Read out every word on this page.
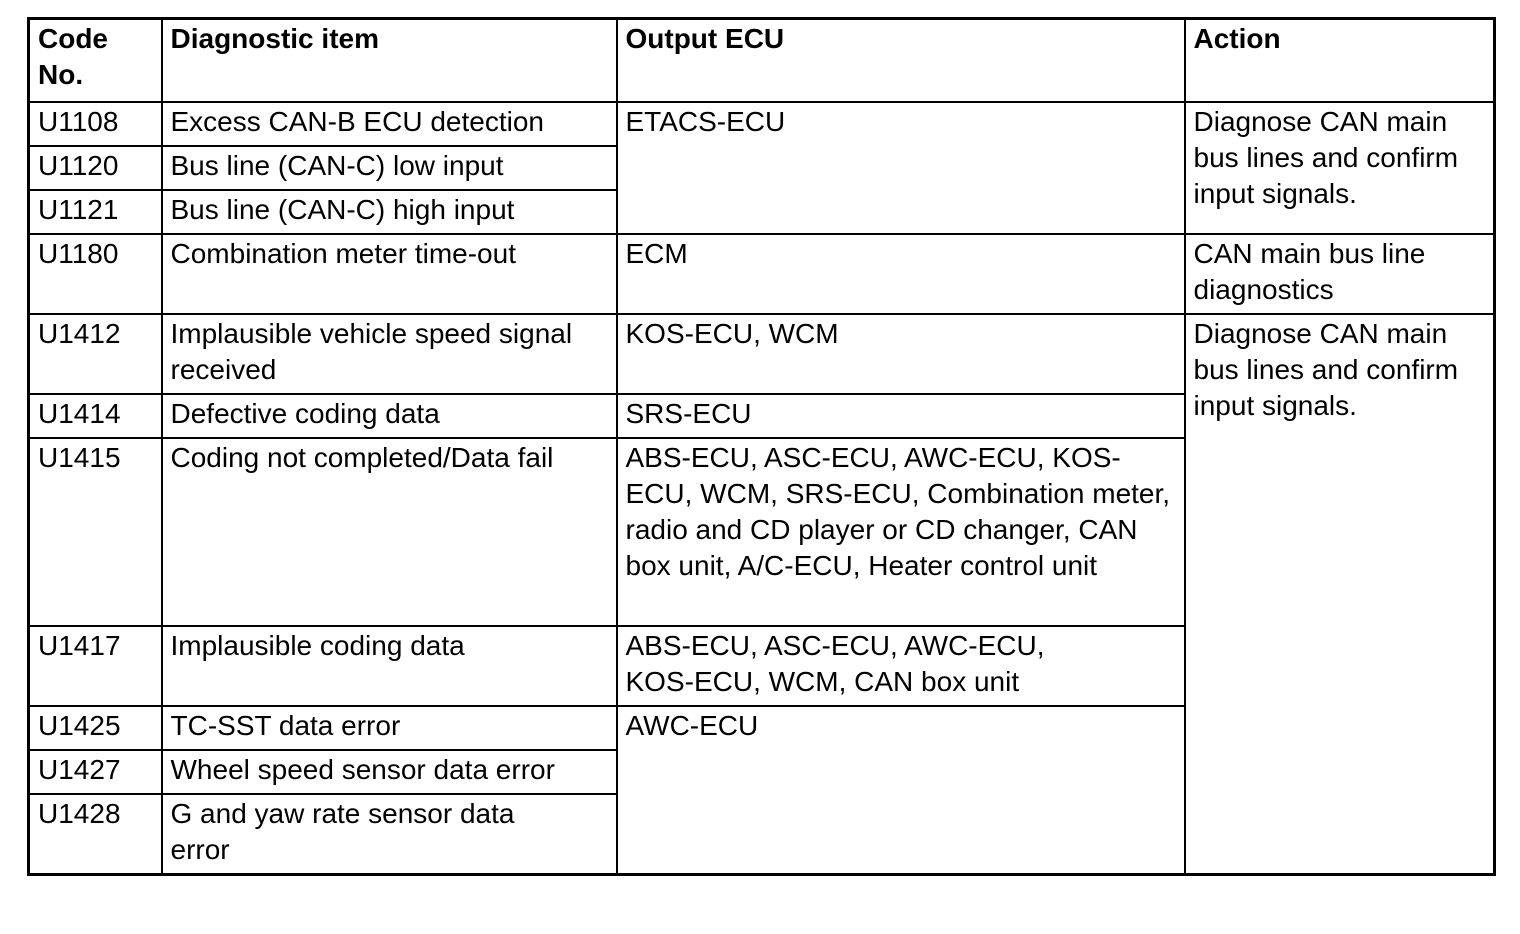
Code No.	Diagnostic item	Output ECU	Action
U1108	Excess CAN-B ECU detection	ETACS-ECU	Diagnose CAN main bus lines and confirm input signals.
U1120	Bus line (CAN-C) low input		
U1121	Bus line (CAN-C) high input		
U1180	Combination meter time-out	ECM	CAN main bus line diagnostics
U1412	Implausible vehicle speed signal received	KOS-ECU, WCM	Diagnose CAN main bus lines and confirm input signals.
U1414	Defective coding data	SRS-ECU	
U1415	Coding not completed/Data fail	ABS-ECU, ASC-ECU, AWC-ECU, KOS-ECU, WCM, SRS-ECU, Combination meter, radio and CD player or CD changer, CAN box unit, A/C-ECU, Heater control unit	
U1417	Implausible coding data	ABS-ECU, ASC-ECU, AWC-ECU, KOS-ECU, WCM, CAN box unit	
U1425	TC-SST data error	AWC-ECU	
U1427	Wheel speed sensor data error		
U1428	G and yaw rate sensor data error		
